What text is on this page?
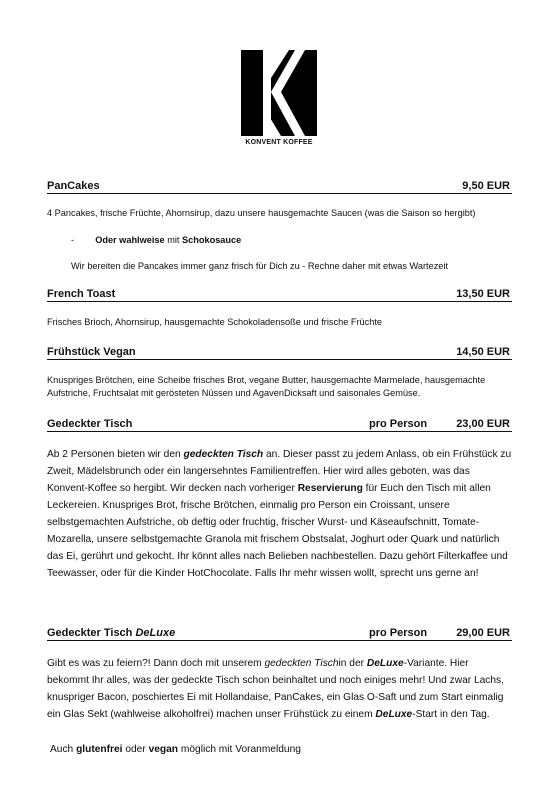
KONVENT KOFFEE
PanCakes	9,50 EUR
4 Pancakes, frische Früchte, Ahornsirup, dazu unsere hausgemachte Saucen (was die Saison so hergibt)
- Oder wahlweise mit Schokosauce
Wir bereiten die Pancakes immer ganz frisch für Dich zu - Rechne daher mit etwas Wartezeit
French Toast	13,50 EUR
Frisches Brioch, Ahornsirup, hausgemachte Schokoladensoße und frische Früchte
Frühstück Vegan	14,50 EUR
Knuspriges Brötchen, eine Scheibe frisches Brot, vegane Butter, hausgemachte Marmelade, hausgemachte Aufstriche, Fruchtsalat mit gerösteten Nüssen und AgavenDicksaft und saisonales Gemüse.
Gedeckter Tisch	pro Person	23,00 EUR
Ab 2 Personen bieten wir den gedeckten Tisch an. Dieser passt zu jedem Anlass, ob ein Frühstück zu Zweit, Mädelsbrunch oder ein langersehntes Familientreffen. Hier wird alles geboten, was das Konvent-Koffee so hergibt. Wir decken nach vorheriger Reservierung für Euch den Tisch mit allen Leckereien. Knuspriges Brot, frische Brötchen, einmalig pro Person ein Croissant, unsere selbstgemachten Aufstriche, ob deftig oder fruchtig, frischer Wurst- und Käseaufschnitt, Tomate-Mozarella, unsere selbstgemachte Granola mit frischem Obstsalat, Joghurt oder Quark und natürlich das Ei, gerührt und gekocht. Ihr könnt alles nach Belieben nachbestellen. Dazu gehört Filterkaffee und Teewasser, oder für die Kinder HotChocolate. Falls Ihr mehr wissen wollt, sprecht uns gerne an!
Gedeckter Tisch DeLuxe	pro Person	29,00 EUR
Gibt es was zu feiern?! Dann doch mit unserem gedeckten Tischin der DeLuxe-Variante. Hier bekommt Ihr alles, was der gedeckte Tisch schon beinhaltet und noch einiges mehr! Und zwar Lachs, knuspriger Bacon, poschiertes Ei mit Hollandaise, PanCakes, ein Glas O-Saft und zum Start einmalig ein Glas Sekt (wahlweise alkoholfrei) machen unser Frühstück zu einem DeLuxe-Start in den Tag.
Auch glutenfrei oder vegan möglich mit Voranmeldung
